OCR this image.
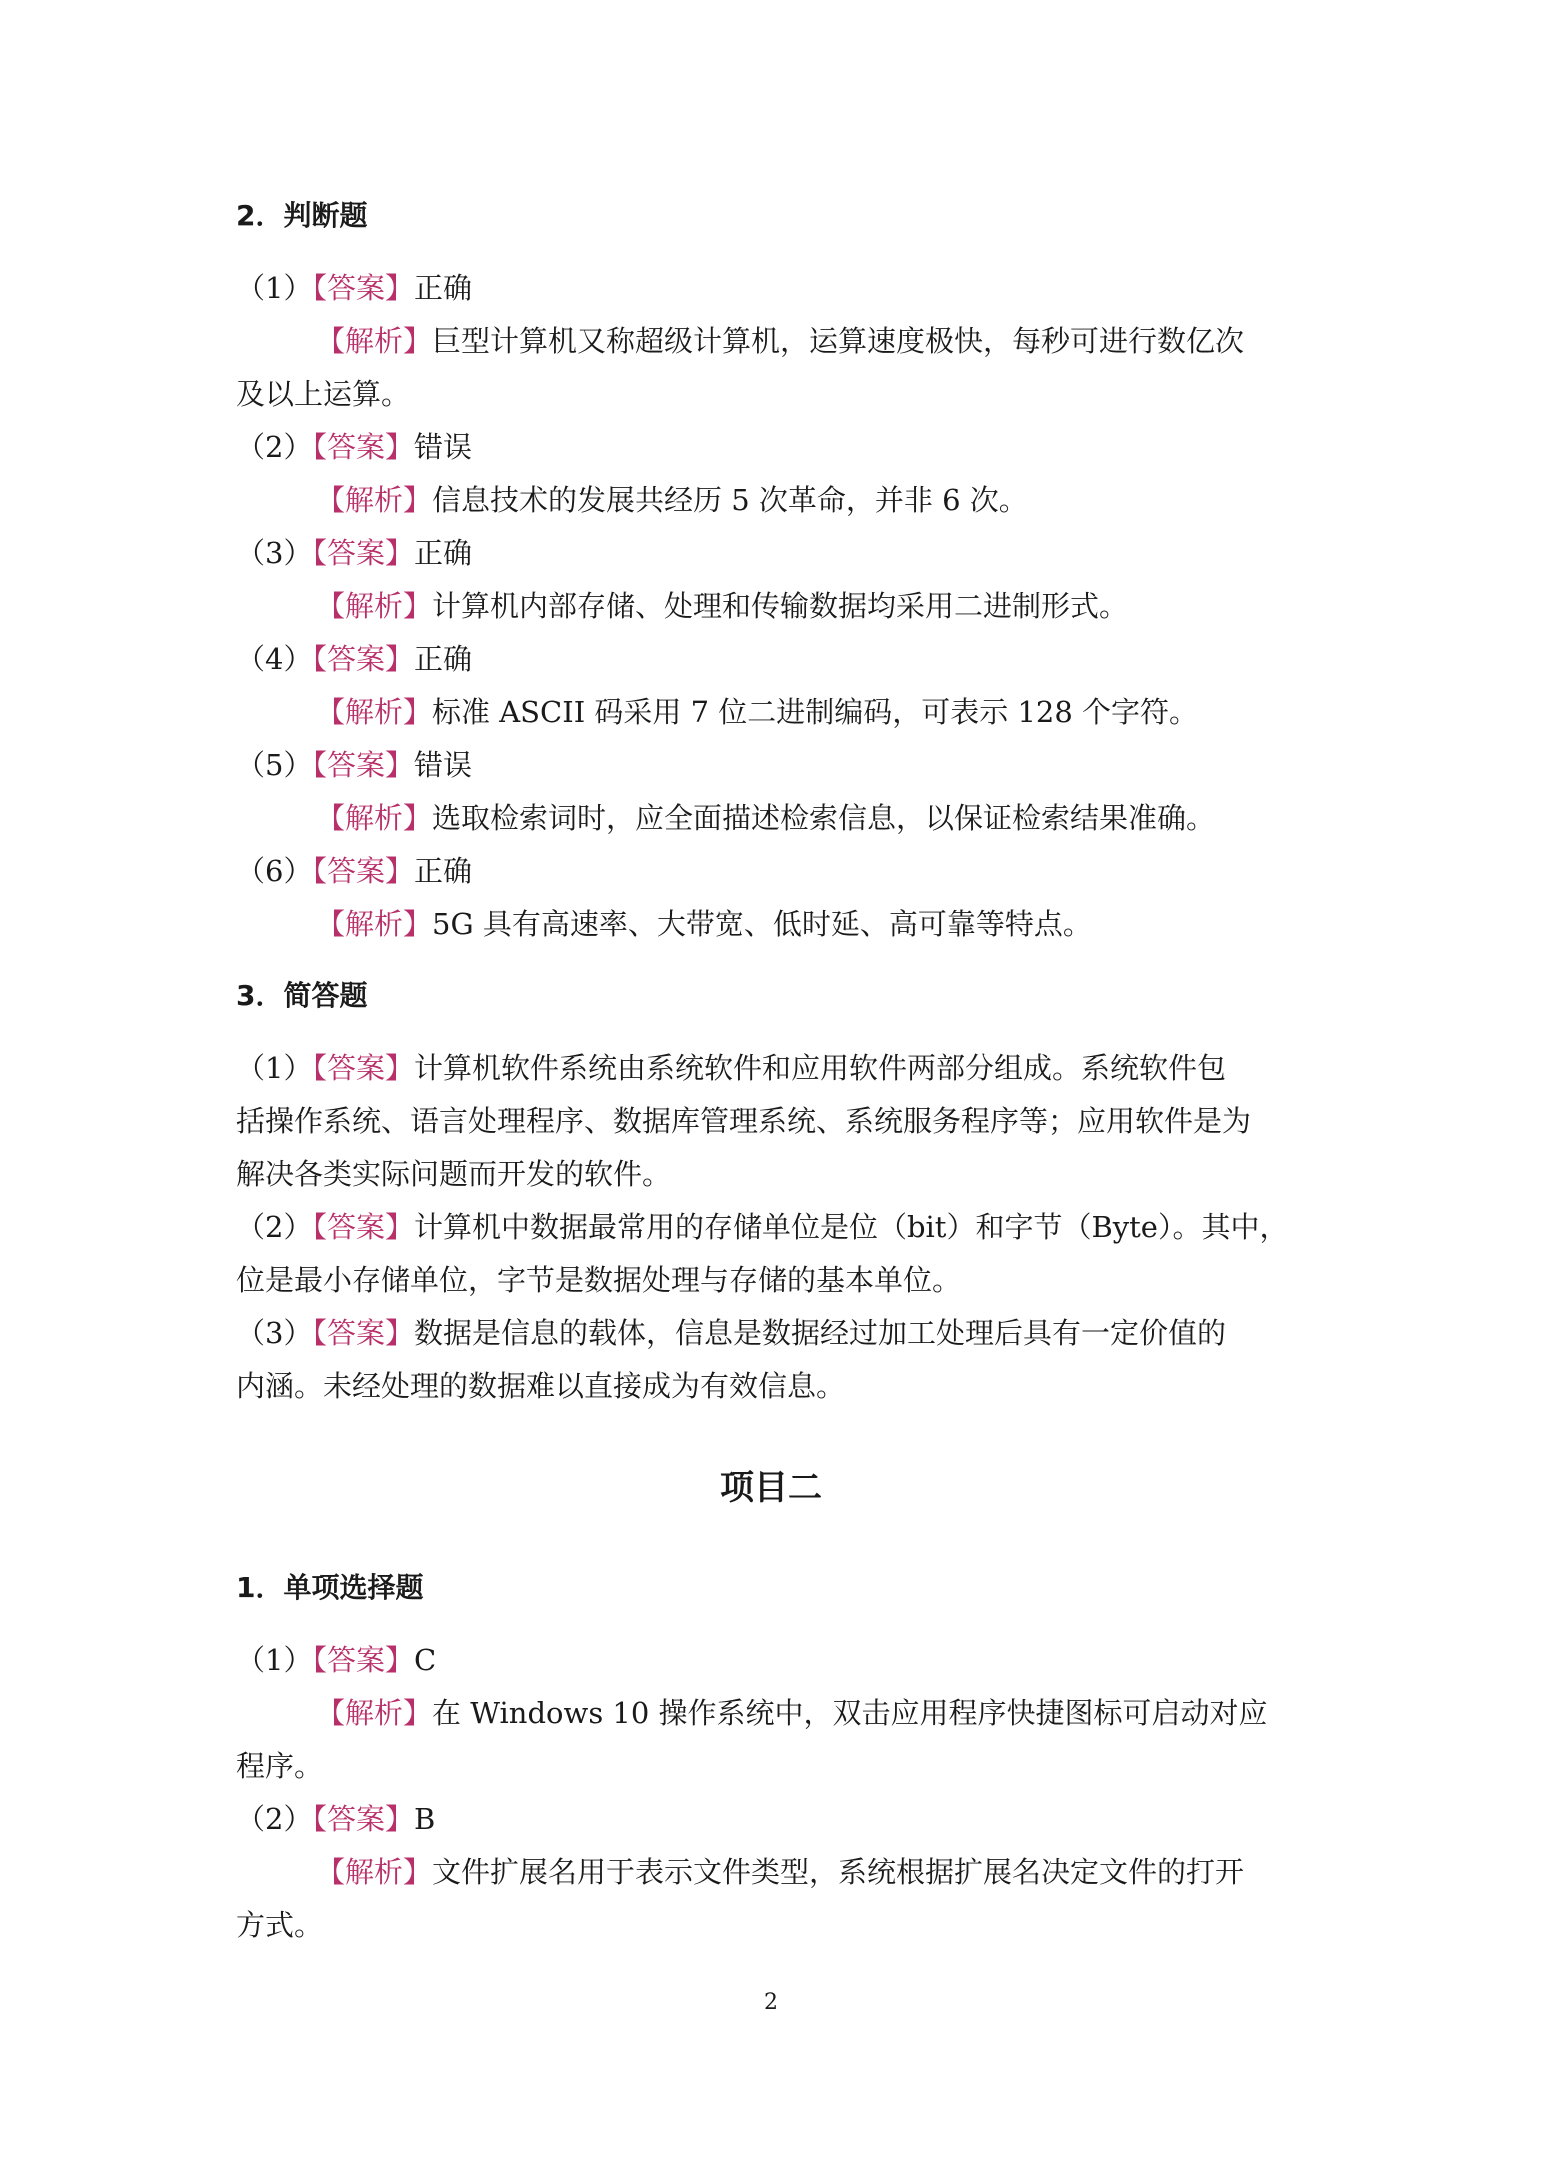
2．判断题
（1）【答案】正确
【解析】巨型计算机又称超级计算机，运算速度极快，每秒可进行数亿次
及以上运算。
（2）【答案】错误
【解析】信息技术的发展共经历 5 次革命，并非 6 次。
（3）【答案】正确
【解析】计算机内部存储、处理和传输数据均采用二进制形式。
（4）【答案】正确
【解析】标准 ASCII 码采用 7 位二进制编码，可表示 128 个字符。
（5）【答案】错误
【解析】选取检索词时，应全面描述检索信息，以保证检索结果准确。
（6）【答案】正确
【解析】5G 具有高速率、大带宽、低时延、高可靠等特点。
3．简答题
（1）【答案】计算机软件系统由系统软件和应用软件两部分组成。系统软件包
括操作系统、语言处理程序、数据库管理系统、系统服务程序等；应用软件是为
解决各类实际问题而开发的软件。
（2）【答案】计算机中数据最常用的存储单位是位（bit）和字节（Byte）。其中，
位是最小存储单位，字节是数据处理与存储的基本单位。
（3）【答案】数据是信息的载体，信息是数据经过加工处理后具有一定价值的
内涵。未经处理的数据难以直接成为有效信息。
项目二
1．单项选择题
（1）【答案】C
【解析】在 Windows 10 操作系统中，双击应用程序快捷图标可启动对应
程序。
（2）【答案】B
【解析】文件扩展名用于表示文件类型，系统根据扩展名决定文件的打开
方式。
2
